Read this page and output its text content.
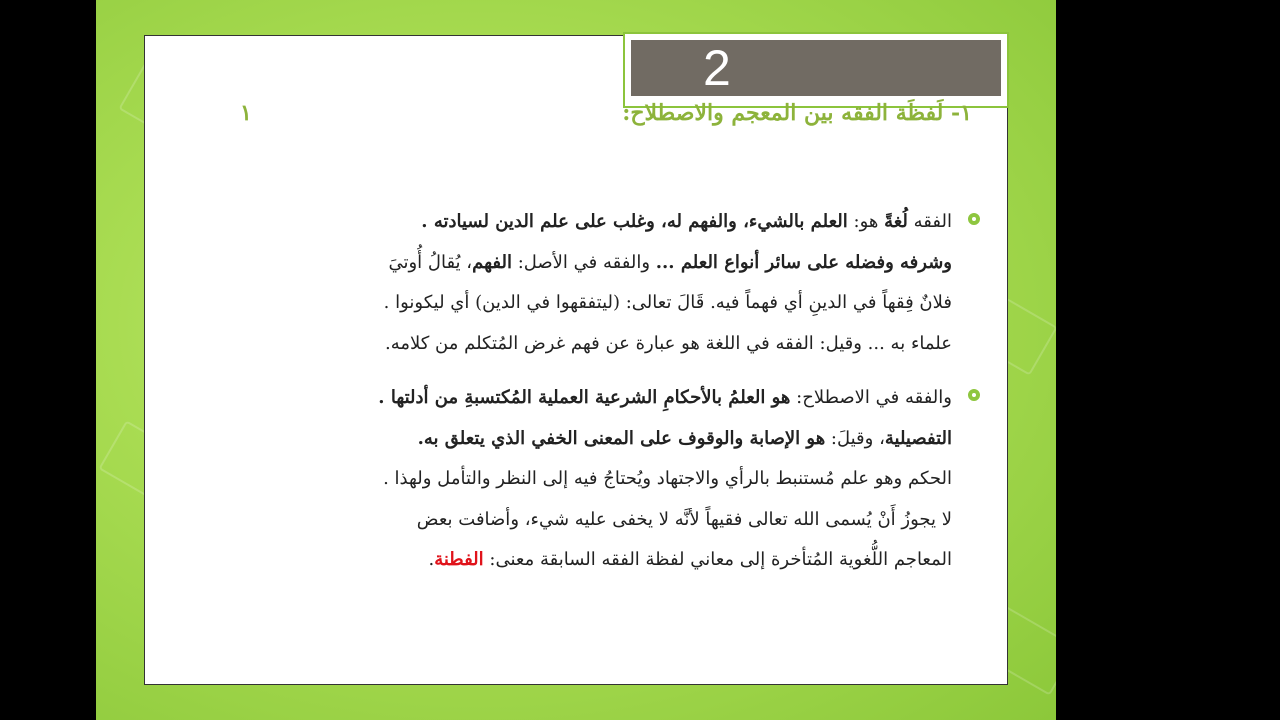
2
١- لَفظَة الفقه بين المعجم والاصطلاح:
١
الفقه لُغةً هو: العلم بالشيء، والفهم له، وغلب على علم الدين لسيادته .
وشرفه وفضله على سائر أنواع العلم ... والفقه في الأصل: الفهم، يُقالُ أُوتيَ
فلانٌ فِقهاً في الدينِ أي فهماً فيه. قَالَ تعالى: (ليتفقهوا في الدين) أي ليكونوا .
علماء به ... وقيل: الفقه في اللغة هو عبارة عن فهم غرض المُتكلم من كلامه.
والفقه في الاصطلاح: هو العلمُ بالأحكامِ الشرعية العملية المُكتسبةِ من أدلتها .
التفصيلية، وقيلَ: هو الإصابة والوقوف على المعنى الخفي الذي يتعلق به.
الحكم وهو علم مُستنبط بالرأي والاجتهاد ويُحتاجُ فيه إلى النظر والتأمل ولهذا .
لا يجوزُ أَنْ يُسمى الله تعالى فقيهاً لأنَّه لا يخفى عليه شيء، وأضافت بعض
المعاجم اللُّغوية المُتأخرة إلى معاني لفظة الفقه السابقة معنى: الفطنة.
